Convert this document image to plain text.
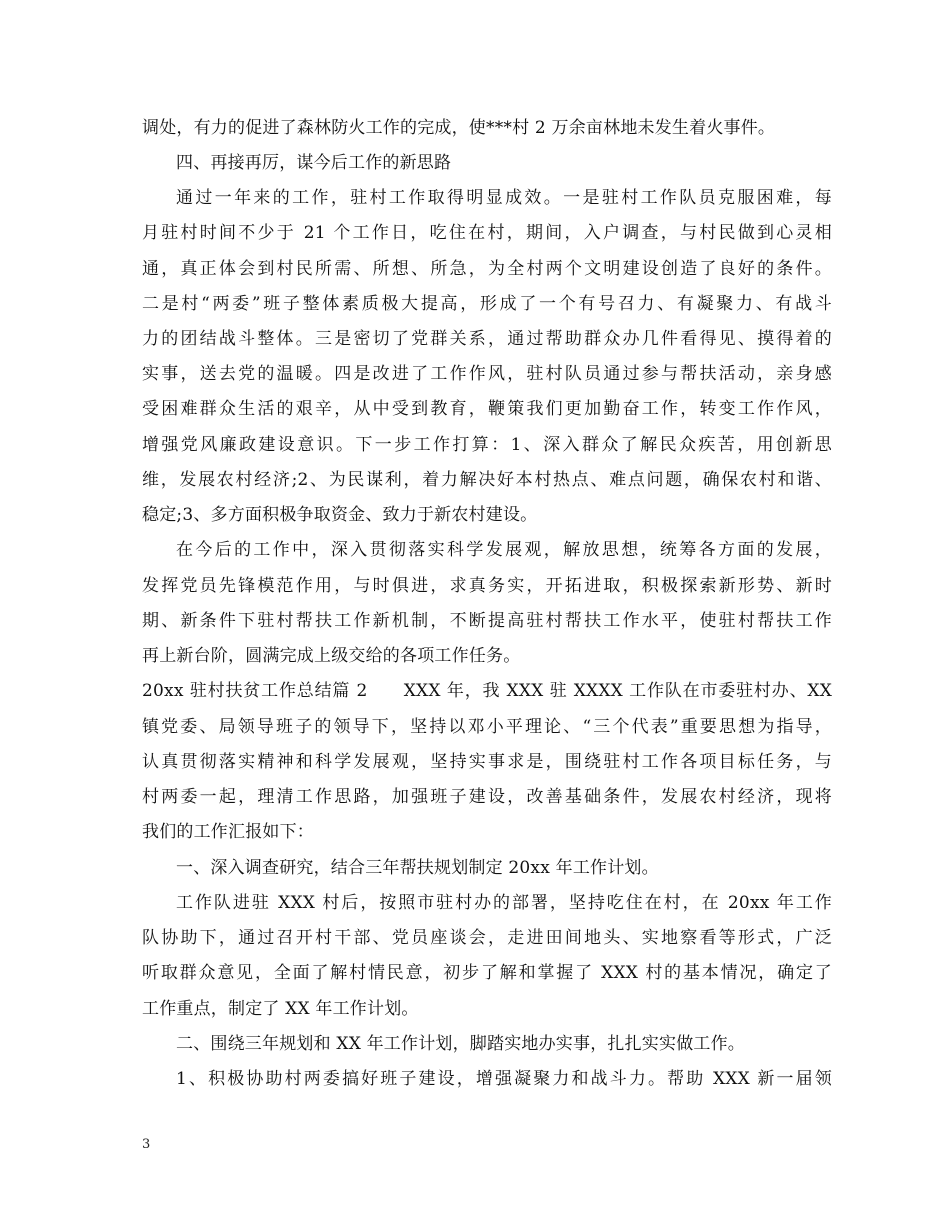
调处，有力的促进了森林防火工作的完成，使***村 2 万余亩林地未发生着火事件。
四、再接再厉，谋今后工作的新思路
通过一年来的工作，驻村工作取得明显成效。一是驻村工作队员克服困难，每
月驻村时间不少于 21 个工作日，吃住在村，期间，入户调查，与村民做到心灵相
通，真正体会到村民所需、所想、所急，为全村两个文明建设创造了良好的条件。
二是村“两委”班子整体素质极大提高，形成了一个有号召力、有凝聚力、有战斗
力的团结战斗整体。三是密切了党群关系，通过帮助群众办几件看得见、摸得着的
实事，送去党的温暖。四是改进了工作作风，驻村队员通过参与帮扶活动，亲身感
受困难群众生活的艰辛，从中受到教育，鞭策我们更加勤奋工作，转变工作作风，
增强党风廉政建设意识。下一步工作打算：1、深入群众了解民众疾苦，用创新思
维，发展农村经济;2、为民谋利，着力解决好本村热点、难点问题，确保农村和谐、
稳定;3、多方面积极争取资金、致力于新农村建设。
在今后的工作中，深入贯彻落实科学发展观，解放思想，统筹各方面的发展，
发挥党员先锋模范作用，与时俱进，求真务实，开拓进取，积极探索新形势、新时
期、新条件下驻村帮扶工作新机制，不断提高驻村帮扶工作水平，使驻村帮扶工作
再上新台阶，圆满完成上级交给的各项工作任务。
20xx 驻村扶贫工作总结篇 2　　XXX 年，我 XXX 驻 XXXX 工作队在市委驻村办、XX
镇党委、局领导班子的领导下，坚持以邓小平理论、“三个代表”重要思想为指导，
认真贯彻落实精神和科学发展观，坚持实事求是，围绕驻村工作各项目标任务，与
村两委一起，理清工作思路，加强班子建设，改善基础条件，发展农村经济，现将
我们的工作汇报如下：
一、深入调查研究，结合三年帮扶规划制定 20xx 年工作计划。
工作队进驻 XXX 村后，按照市驻村办的部署，坚持吃住在村，在 20xx 年工作
队协助下，通过召开村干部、党员座谈会，走进田间地头、实地察看等形式，广泛
听取群众意见，全面了解村情民意，初步了解和掌握了 XXX 村的基本情况，确定了
工作重点，制定了 XX 年工作计划。
二、围绕三年规划和 XX 年工作计划，脚踏实地办实事，扎扎实实做工作。
1、积极协助村两委搞好班子建设，增强凝聚力和战斗力。帮助 XXX 新一届领
3
